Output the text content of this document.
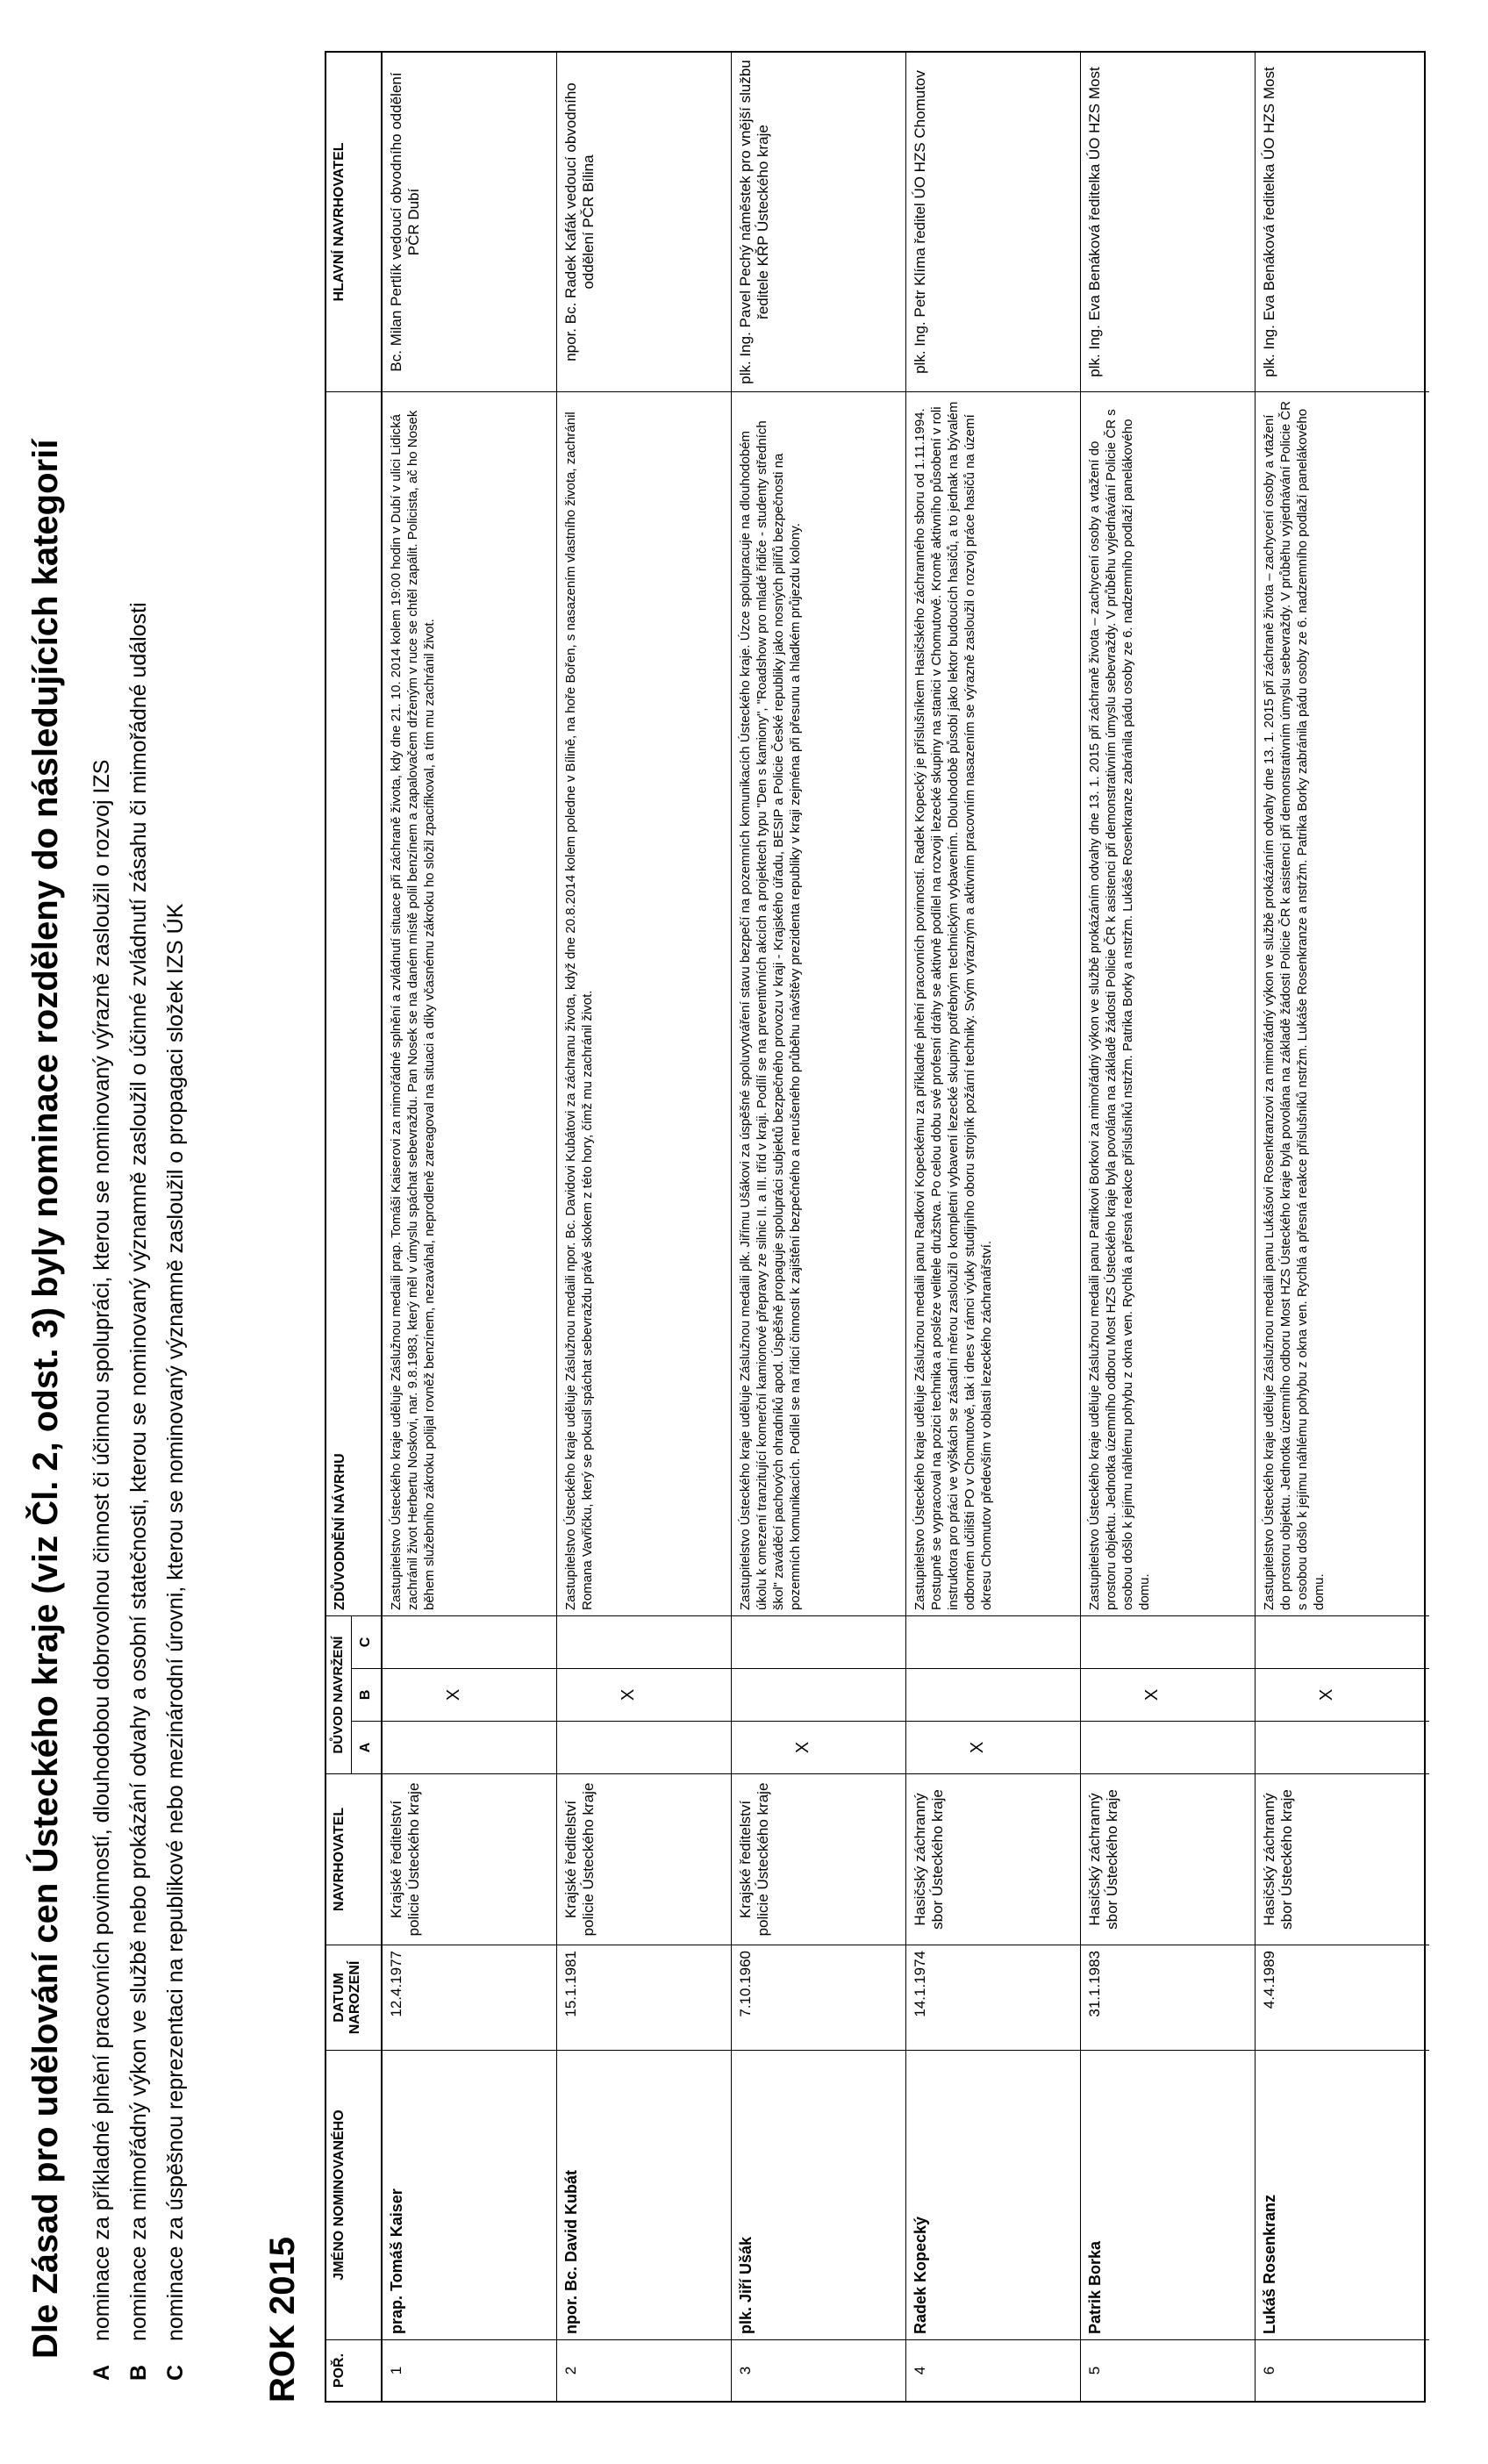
Dle Zásad pro udělování cen Ústeckého kraje (viz Čl. 2, odst. 3) byly nominace rozděleny do následujících kategorií
A
nominace za příkladné plnění pracovních povinností, dlouhodobou dobrovolnou činnost či účinnou spolupráci, kterou se nominovaný výrazně zasloužil o rozvoj IZS
B
nominace za mimořádný výkon ve službě nebo prokázání odvahy a osobní statečnosti, kterou se nominovaný významně zasloužil o účinné zvládnutí zásahu či mimořádné události
C
nominace za úspěšnou reprezentaci na republikové nebo mezinárodní úrovni, kterou se nominovaný významně zasloužil o propagaci složek IZS ÚK ROK 2015	POŘ.
JMÉNO NOMINOVANÉHO
DATUM NAROZENÍ
NAVRHOVATEL
DŮVOD NAVRŽENÍ A
B
C
ZDŮVODNĚNÍ NÁVRHU
HLAVNÍ NAVRHOVATEL
1
prap. Tomáš Kaiser
12.4.1977
Krajské ředitelství policie Ústeckého kraje
X
Zastupitelstvo Ústeckého kraje uděluje Záslužnou medaili prap. Tomáši Kaiserovi za mimořádné splnění a zvládnutí situace při záchraně života, kdy dne 21. 10. 2014 kolem 19:00 hodin v Dubí v ulici Lidická zachránil život Herbertu Noskovi, nar. 9.8.1983, který měl v úmyslu spáchat sebevraždu. Pan Nosek se na daném místě polil benzínem a zapalovačem drženým v ruce se chtěl zapálit. Policista, ač ho Nosek během služebního zákroku polijal rovněž benzínem, nezaváhal, neprodleně zareagoval na situaci a díky včasnému zákroku ho složil zpacifikoval, a tím mu zachránil život.
Bc. Milan Pertlík vedoucí obvodního oddělení PČR Dubí
2
npor. Bc. David Kubát
15.1.1981
Krajské ředitelství policie Ústeckého kraje
X
Zastupitelstvo Ústeckého kraje uděluje Záslužnou medaili npor. Bc. Davidovi Kubátovi za záchranu života, když dne 20.8.2014 kolem poledne v Bílině, na hoře Bořen, s nasazením vlastního života, zachránil Romana Vavřičku, který se pokusil spáchat sebevraždu právě skokem z této hory, čímž mu zachránil život.
npor. Bc. Radek Kafák vedoucí obvodního oddělení PČR Bílina
3
plk. Jiří Ušák
7.10.1960
Krajské ředitelství policie Ústeckého kraje
X
Zastupitelstvo Ústeckého kraje uděluje Záslužnou medaili plk. Jiřímu Ušákovi za úspěšné spoluvytváření stavu bezpečí na pozemních komunikacích Ústeckého kraje. Úzce spolupracuje na dlouhodobém úkolu k omezení tranzitující komerční kamionové přepravy ze silnic II. a III. tříd v kraji. Podílí se na preventivních akcích a projektech typu "Den s kamiony", "Roadshow pro mladé řidiče - studenty středních škol" zaváděcí pachových ohradníků apod. Úspěšně propaguje spolupráci subjektů bezpečného provozu v kraji - Krajského úřadu, BESIP a Policie České republiky jako nosných pilířů bezpečnosti na pozemních komunikacích. Podílel se na řídicí činnosti k zajištění bezpečného a nerušeného průběhu návštěvy prezidenta republiky v kraji zejména při přesunu a hladkém průjezdu kolony.
plk. Ing. Pavel Pechý náměstek pro vnější službu ředitele KŘP Ústeckého kraje
4
Radek Kopecký
14.1.1974
Hasičský záchranný sbor Ústeckého kraje
X
Zastupitelstvo Ústeckého kraje uděluje Záslužnou medaili panu Radkovi Kopeckému za příkladné plnění pracovních povinností. Radek Kopecký je příslušníkem Hasičského záchranného sboru od 1.11.1994. Postupně se vypracoval na pozici technika a posléze velitele družstva. Po celou dobu své profesní dráhy se aktivně podílel na rozvoji lezecké skupiny na stanici v Chomutově. Kromě aktivního působení v roli instruktora pro práci ve výškách se zásadní měrou zasloužil o kompletní vybavení lezecké skupiny potřebným technickým vybavením. Dlouhodobě působí jako lektor budoucích hasičů, a to jednak na bývalém odborném učilišti PO v Chomutově, tak i dnes v rámci výuky studijního oboru strojník požární techniky. Svým výrazným a aktivním pracovním nasazením se výrazně zasloužil o rozvoj práce hasičů na území okresu Chomutov především v oblasti lezeckého záchranářství.
plk. Ing. Petr Klíma ředitel ÚO HZS Chomutov
5
Patrik Borka
31.1.1983
Hasičský záchranný sbor Ústeckého kraje
X
Zastupitelstvo Ústeckého kraje uděluje Záslužnou medaili panu Patrikovi Borkovi za mimořádný výkon ve službě prokázáním odvahy dne 13. 1. 2015 při záchraně života – zachycení osoby a vtažení do prostoru objektu. Jednotka územního odboru Most HZS Ústeckého kraje byla povolána na základě žádosti Policie ČR k asistenci při demonstrativním úmyslu sebevraždy. V průběhu vyjednávání Policie ČR s osobou došlo k jejímu náhlému pohybu z okna ven. Rychlá a přesná reakce příslušníků nstržm. Patrika Borky a nstržm. Lukáše Rosenkranze zabránila pádu osoby ze 6. nadzemního podlaží panelákového domu.
plk. Ing. Eva Benáková ředitelka ÚO HZS Most
6
Lukáš Rosenkranz
4.4.1989
Hasičský záchranný sbor Ústeckého kraje
X
Zastupitelstvo Ústeckého kraje uděluje Záslužnou medaili panu Lukášovi Rosenkranzovi za mimořádný výkon ve službě prokázáním odvahy dne 13. 1. 2015 při záchraně života – zachycení osoby a vtažení do prostoru objektu. Jednotka územního odboru Most HZS Ústeckého kraje byla povolána na základě žádosti Policie ČR k asistenci při demonstrativním úmyslu sebevraždy. V průběhu vyjednávání Policie ČR s osobou došlo k jejímu náhlému pohybu z okna ven. Rychlá a přesná reakce příslušníků nstržm. Lukáše Rosenkranze a nstržm. Patrika Borky zabránila pádu osoby ze 6. nadzemního podlaží panelákového domu.
plk. Ing. Eva Benáková ředitelka ÚO HZS Most
